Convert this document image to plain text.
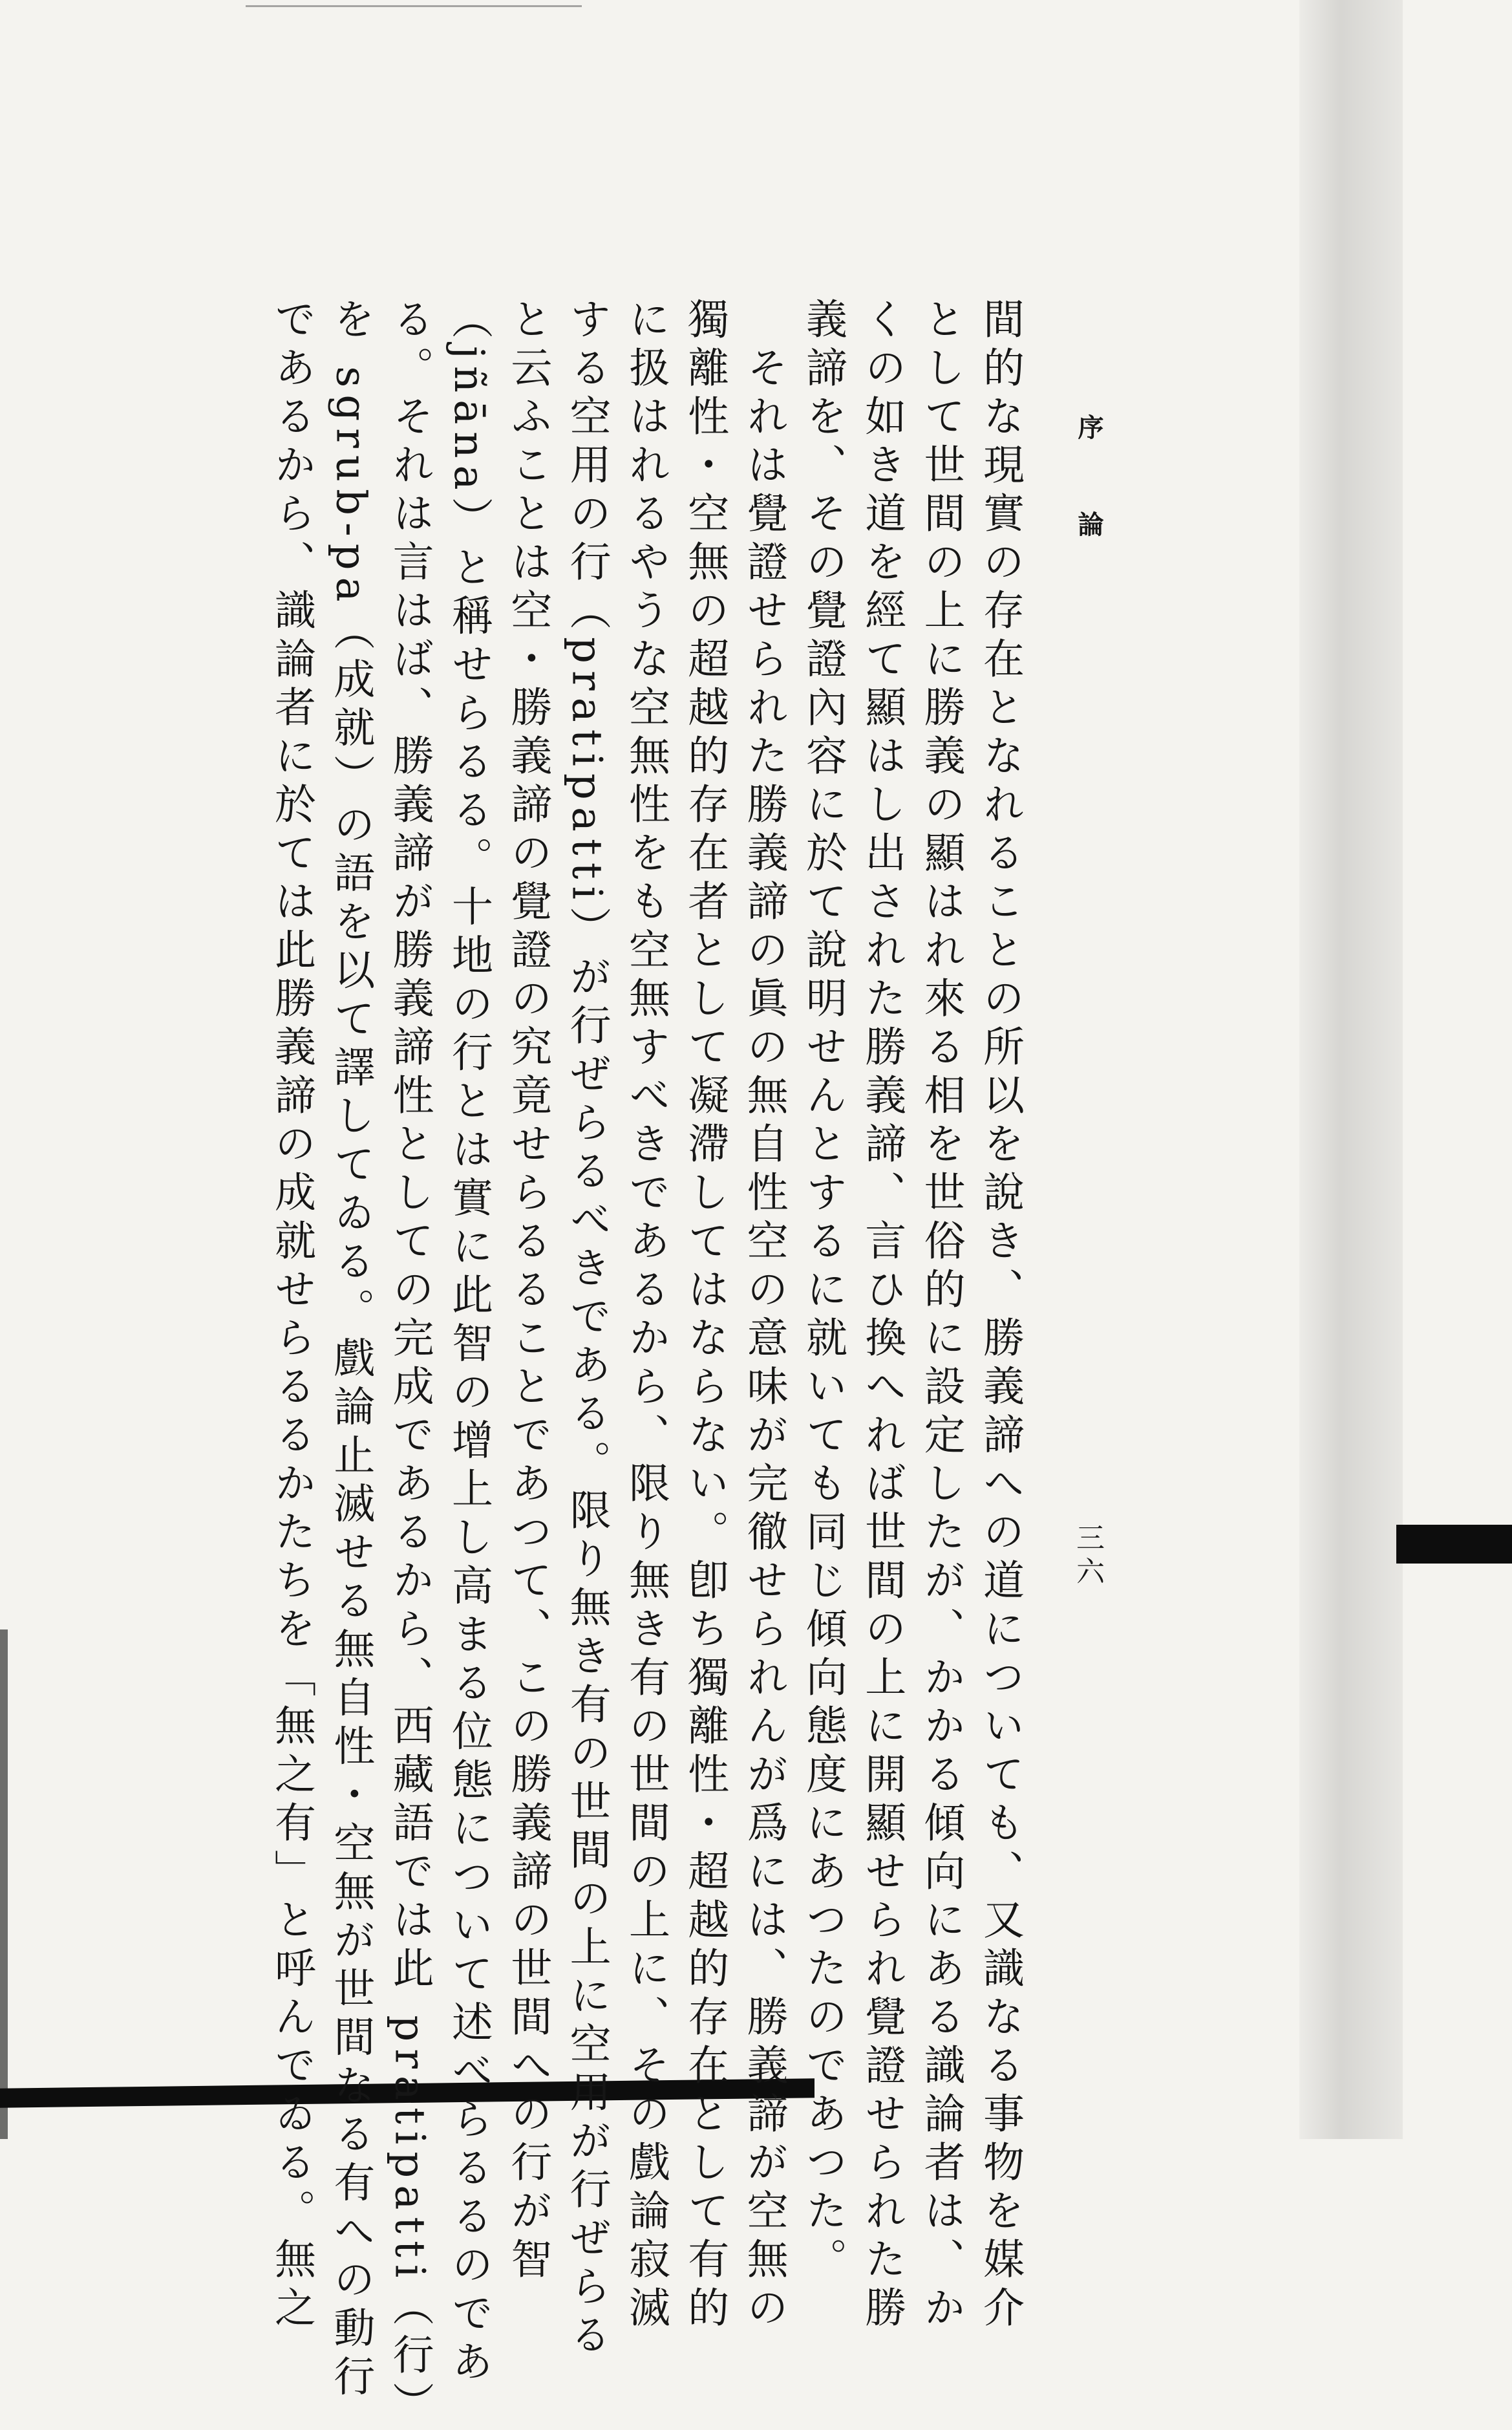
序論
三六
間的な現實の存在となれることの所以を說き、勝義諦への道についても、又識なる事物を媒介
として世間の上に勝義の顯はれ來る相を世俗的に設定したが、かかる傾向にある識論者は、か
くの如き道を經て顯はし出された勝義諦、言ひ換へれば世間の上に開顯せられ覺證せられた勝
義諦を、その覺證內容に於て說明せんとするに就いても同じ傾向態度にあつたのであつた。
　それは覺證せられた勝義諦の眞の無自性空の意味が完徹せられんが爲には、勝義諦が空無の
獨離性・空無の超越的存在者として凝滯してはならない。卽ち獨離性・超越的存在として有的
に扱はれるやうな空無性をも空無すべきであるから、限り無き有の世間の上に、その戲論寂滅
する空用の行（pratipatti）が行ぜらるべきである。限り無き有の世間の上に空用が行ぜらる
と云ふことは空・勝義諦の覺證の究竟せらるることであつて、この勝義諦の世間への行が智
（jñāna）と稱せらるる。十地の行とは實に此智の增上し高まる位態について述べらるるのであ
る。それは言はば、勝義諦が勝義諦性としての完成であるから、西藏語では此 pratipatti（行）
を sgrub-pa（成就）の語を以て譯してゐる。戲論止滅せる無自性・空無が世間なる有への動行
であるから、識論者に於ては此勝義諦の成就せらるるかたちを「無之有」と呼んでゐる。無之
